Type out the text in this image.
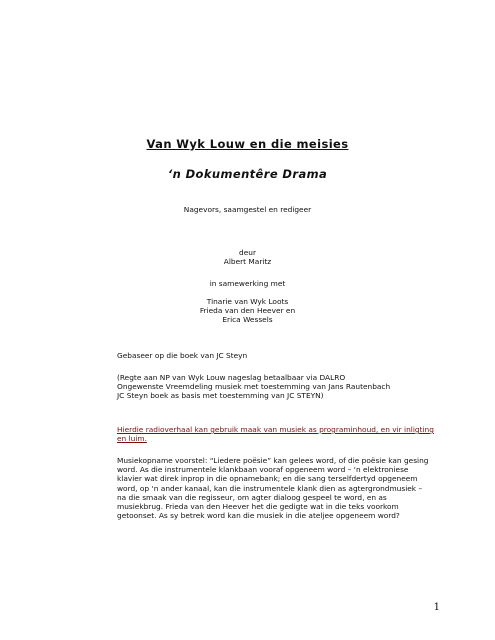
Van Wyk Louw en die meisies
‘n Dokumentêre Drama
Nagevors, saamgestel en redigeer
deur
Albert Maritz
in samewerking met
Tinarie van Wyk Loots
Frieda van den Heever en
Erica Wessels
Gebaseer op die boek van JC Steyn
(Regte aan NP van Wyk Louw nageslag betaalbaar via DALRO
Ongewenste Vreemdeling musiek met toestemming van Jans Rautenbach
JC Steyn boek as basis met toestemming van JC STEYN)
Hierdie radioverhaal kan gebruik maak van musiek as programinhoud, en vir inligting
en luim.
Musiekopname voorstel: “Liedere poësie” kan gelees word, of die poësie kan gesing
word. As die instrumentele klankbaan vooraf opgeneem word – ‘n elektroniese
klavier wat direk inprop in die opnamebank; en die sang terselfdertyd opgeneem
word, op ‘n ander kanaal, kan die instrumentele klank dien as agtergrondmusiek –
na die smaak van die regisseur, om agter dialoog gespeel te word, en as
musiekbrug. Frieda van den Heever het die gedigte wat in die teks voorkom
getoonset. As sy betrek word kan die musiek in die ateljee opgeneem word?
1
